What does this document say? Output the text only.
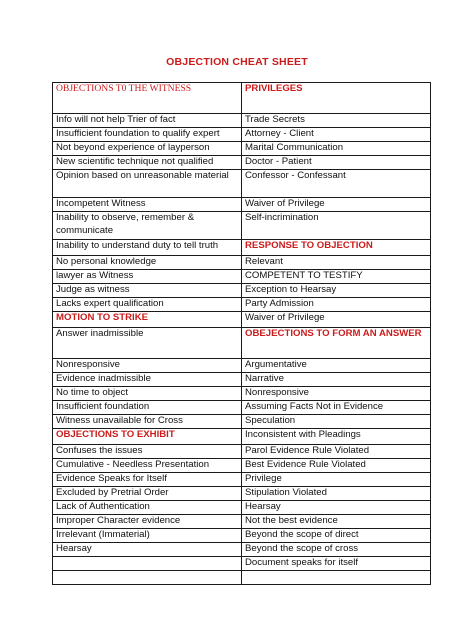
OBJECTION CHEAT SHEET
OBJECTIONS T0 THE WITNESS	PRIVILEGES
Info will not help Trier of fact	Trade Secrets
Insufficient foundation to qualify expert	Attorney - Client
Not beyond experience of layperson	Marital Communication
New scientific technique not qualified	Doctor - Patient
Opinion based on unreasonable material	Confessor - Confessant
Incompetent Witness	Waiver of Privilege
Inability to observe, remember & communicate	Self-incrimination
Inability to understand duty to tell truth	RESPONSE TO OBJECTION
No personal knowledge	Relevant
lawyer as Witness	COMPETENT TO TESTIFY
Judge as witness	Exception to Hearsay
Lacks expert qualification	Party Admission
MOTION TO STRIKE	Waiver of Privilege
Answer inadmissible	OBEJECTIONS TO FORM AN ANSWER
Nonresponsive	Argumentative
Evidence inadmissible	Narrative
No time to object	Nonresponsive
Insufficient foundation	Assuming Facts Not in Evidence
Witness unavailable for Cross	Speculation
OBJECTIONS TO EXHIBIT	Inconsistent with Pleadings
Confuses the issues	Parol Evidence Rule Violated
Cumulative - Needless Presentation	Best Evidence Rule Violated
Evidence Speaks for Itself	Privilege
Excluded by Pretrial Order	Stipulation Violated
Lack of Authentication	Hearsay
Improper Character evidence	Not the best evidence
Irrelevant (Immaterial)	Beyond the scope of direct
Hearsay	Beyond the scope of cross
	Document speaks for itself
